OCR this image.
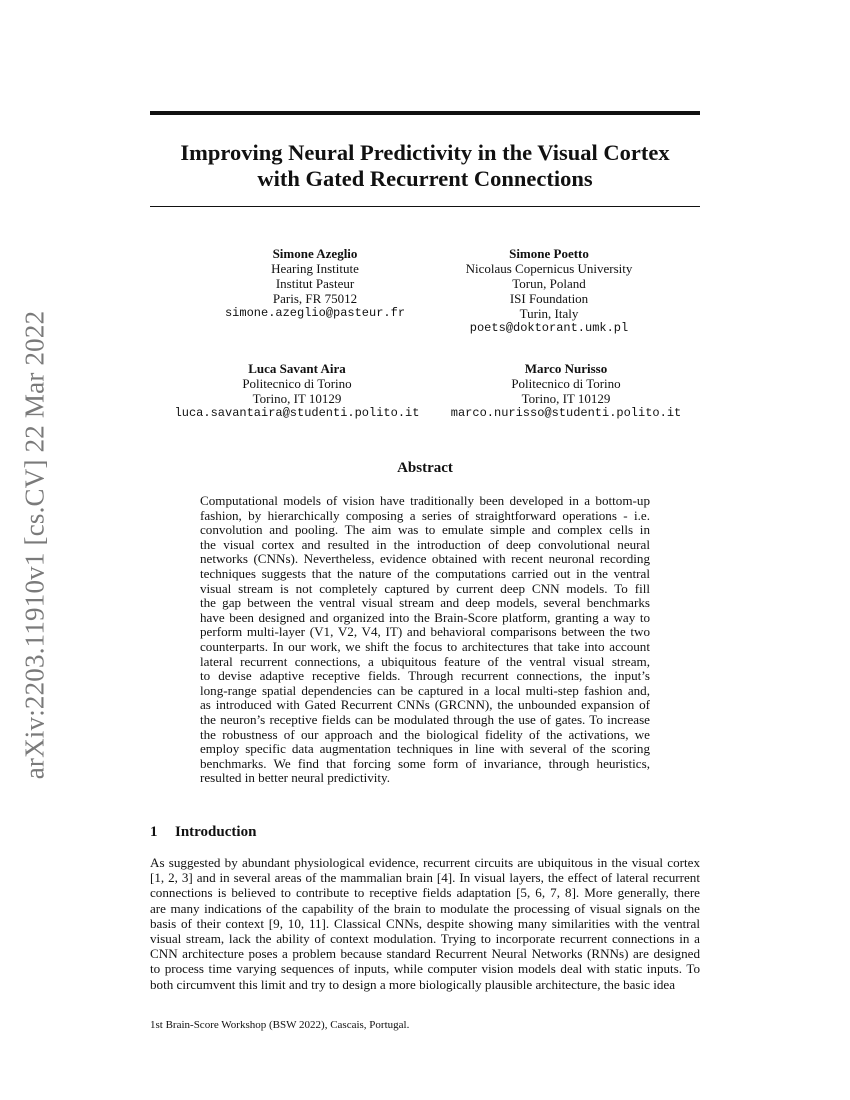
arXiv:2203.11910v1 [cs.CV] 22 Mar 2022
Improving Neural Predictivity in the Visual Cortex
with Gated Recurrent Connections
Simone Azeglio
Hearing Institute
Institut Pasteur
Paris, FR 75012
simone.azeglio@pasteur.fr
Simone Poetto
Nicolaus Copernicus University
Torun, Poland
ISI Foundation
Turin, Italy
poets@doktorant.umk.pl
Luca Savant Aira
Politecnico di Torino
Torino, IT 10129
luca.savantaira@studenti.polito.it
Marco Nurisso
Politecnico di Torino
Torino, IT 10129
marco.nurisso@studenti.polito.it
Abstract
Computational models of vision have traditionally been developed in a bottom-up
fashion, by hierarchically composing a series of straightforward operations - i.e.
convolution and pooling. The aim was to emulate simple and complex cells in
the visual cortex and resulted in the introduction of deep convolutional neural
networks (CNNs). Nevertheless, evidence obtained with recent neuronal recording
techniques suggests that the nature of the computations carried out in the ventral
visual stream is not completely captured by current deep CNN models. To fill
the gap between the ventral visual stream and deep models, several benchmarks
have been designed and organized into the Brain-Score platform, granting a way to
perform multi-layer (V1, V2, V4, IT) and behavioral comparisons between the two
counterparts. In our work, we shift the focus to architectures that take into account
lateral recurrent connections, a ubiquitous feature of the ventral visual stream,
to devise adaptive receptive fields. Through recurrent connections, the input’s
long-range spatial dependencies can be captured in a local multi-step fashion and,
as introduced with Gated Recurrent CNNs (GRCNN), the unbounded expansion of
the neuron’s receptive fields can be modulated through the use of gates. To increase
the robustness of our approach and the biological fidelity of the activations, we
employ specific data augmentation techniques in line with several of the scoring
benchmarks. We find that forcing some form of invariance, through heuristics,
resulted in better neural predictivity.
1 Introduction
As suggested by abundant physiological evidence, recurrent circuits are ubiquitous in the visual cortex
[1, 2, 3] and in several areas of the mammalian brain [4]. In visual layers, the effect of lateral recurrent
connections is believed to contribute to receptive fields adaptation [5, 6, 7, 8]. More generally, there
are many indications of the capability of the brain to modulate the processing of visual signals on the
basis of their context [9, 10, 11]. Classical CNNs, despite showing many similarities with the ventral
visual stream, lack the ability of context modulation. Trying to incorporate recurrent connections in a
CNN architecture poses a problem because standard Recurrent Neural Networks (RNNs) are designed
to process time varying sequences of inputs, while computer vision models deal with static inputs. To
both circumvent this limit and try to design a more biologically plausible architecture, the basic idea
1st Brain-Score Workshop (BSW 2022), Cascais, Portugal.
